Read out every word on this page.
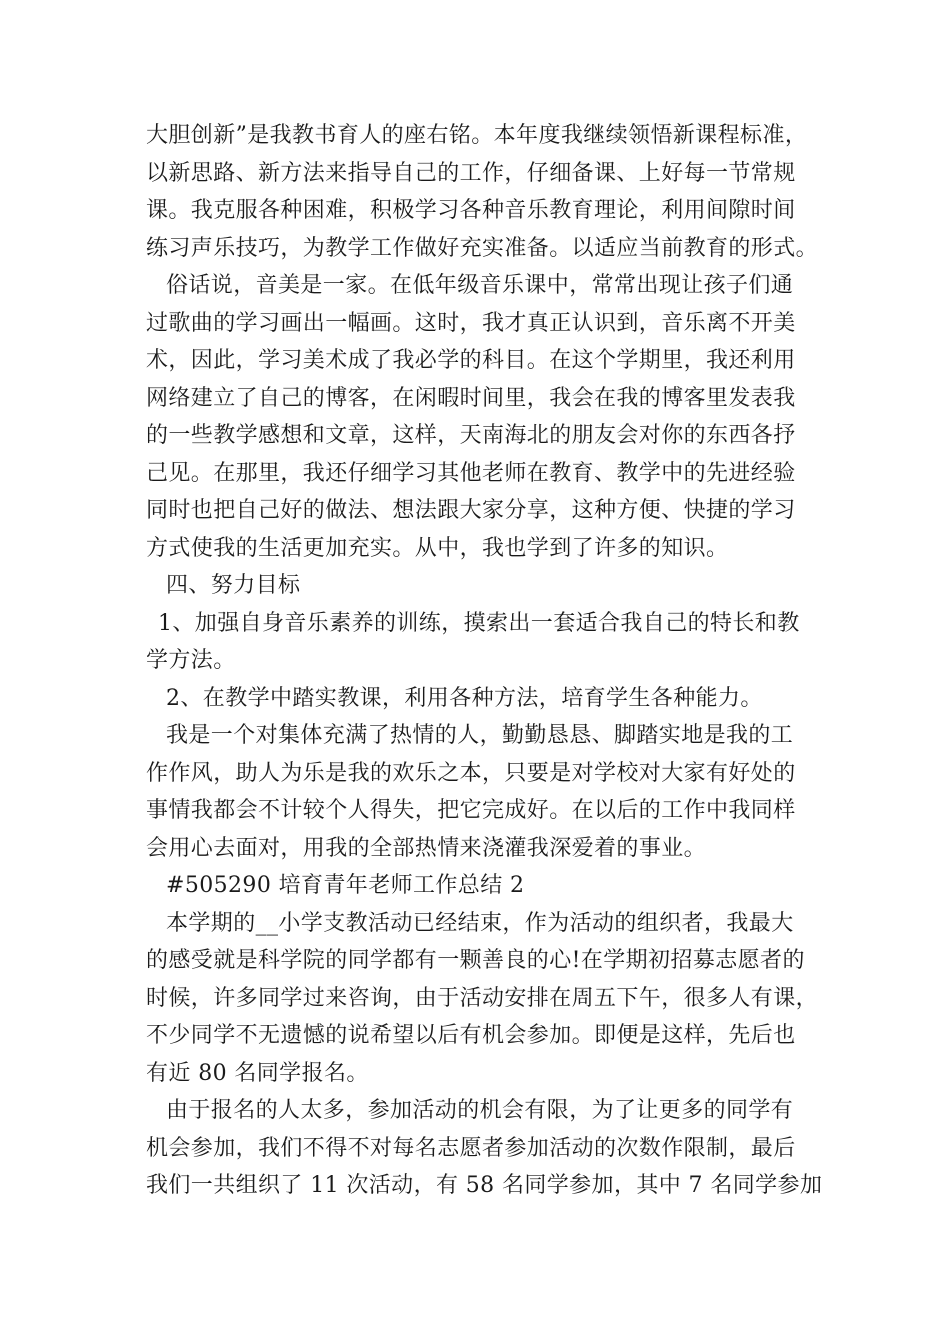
大胆创新”是我教书育人的座右铭。本年度我继续领悟新课程标准，
以新思路、新方法来指导自己的工作，仔细备课、上好每一节常规
课。我克服各种困难，积极学习各种音乐教育理论，利用间隙时间
练习声乐技巧，为教学工作做好充实准备。以适应当前教育的形式。
俗话说，音美是一家。在低年级音乐课中，常常出现让孩子们通
过歌曲的学习画出一幅画。这时，我才真正认识到，音乐离不开美
术，因此，学习美术成了我必学的科目。在这个学期里，我还利用
网络建立了自己的博客，在闲暇时间里，我会在我的博客里发表我
的一些教学感想和文章，这样，天南海北的朋友会对你的东西各抒
己见。在那里，我还仔细学习其他老师在教育、教学中的先进经验
同时也把自己好的做法、想法跟大家分享，这种方便、快捷的学习
方式使我的生活更加充实。从中，我也学到了许多的知识。
四、努力目标
1、加强自身音乐素养的训练，摸索出一套适合我自己的特长和教
学方法。
2、在教学中踏实教课，利用各种方法，培育学生各种能力。
我是一个对集体充满了热情的人，勤勤恳恳、脚踏实地是我的工
作作风，助人为乐是我的欢乐之本，只要是对学校对大家有好处的
事情我都会不计较个人得失，把它完成好。在以后的工作中我同样
会用心去面对，用我的全部热情来浇灌我深爱着的事业。
#505290 培育青年老师工作总结 2
本学期的__小学支教活动已经结束，作为活动的组织者，我最大
的感受就是科学院的同学都有一颗善良的心!在学期初招募志愿者的
时候，许多同学过来咨询，由于活动安排在周五下午，很多人有课，
不少同学不无遗憾的说希望以后有机会参加。即便是这样，先后也
有近 80 名同学报名。
由于报名的人太多，参加活动的机会有限，为了让更多的同学有
机会参加，我们不得不对每名志愿者参加活动的次数作限制，最后
我们一共组织了 11 次活动，有 58 名同学参加，其中 7 名同学参加
